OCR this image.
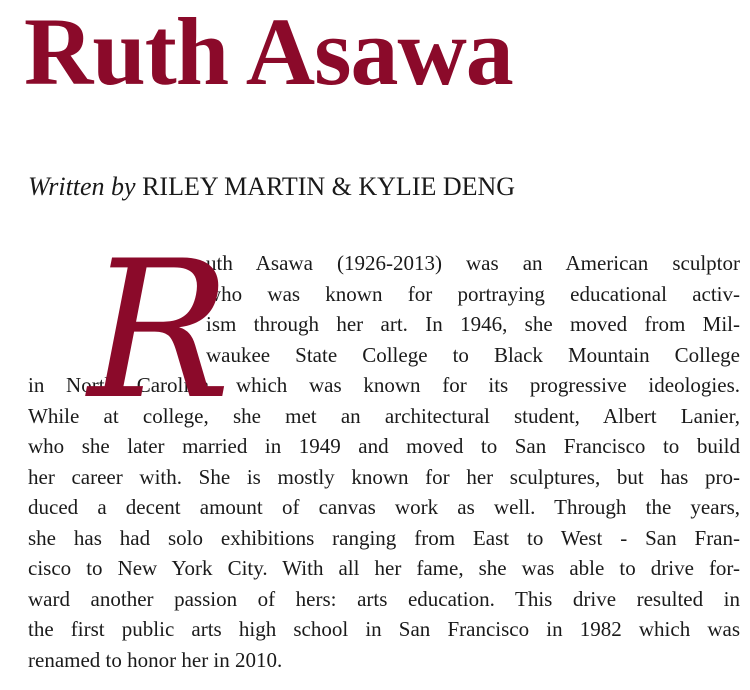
Ruth Asawa

Written by RILEY MARTIN & KYLIE DENG

R

uth Asawa (1926-2013) was an American sculptor
who was known for portraying educational activ-
ism through her art. In 1946, she moved from Mil-
waukee State College to Black Mountain College
in North Carolina, which was known for its progressive ideologies.
While at college, she met an architectural student, Albert Lanier,
who she later married in 1949 and moved to San Francisco to build
her career with. She is mostly known for her sculptures, but has pro-
duced a decent amount of canvas work as well. Through the years,
she has had solo exhibitions ranging from East to West - San Fran-
cisco to New York City. With all her fame, she was able to drive for-
ward another passion of hers: arts education. This drive resulted in
the first public arts high school in San Francisco in 1982 which was
renamed to honor her in 2010.
